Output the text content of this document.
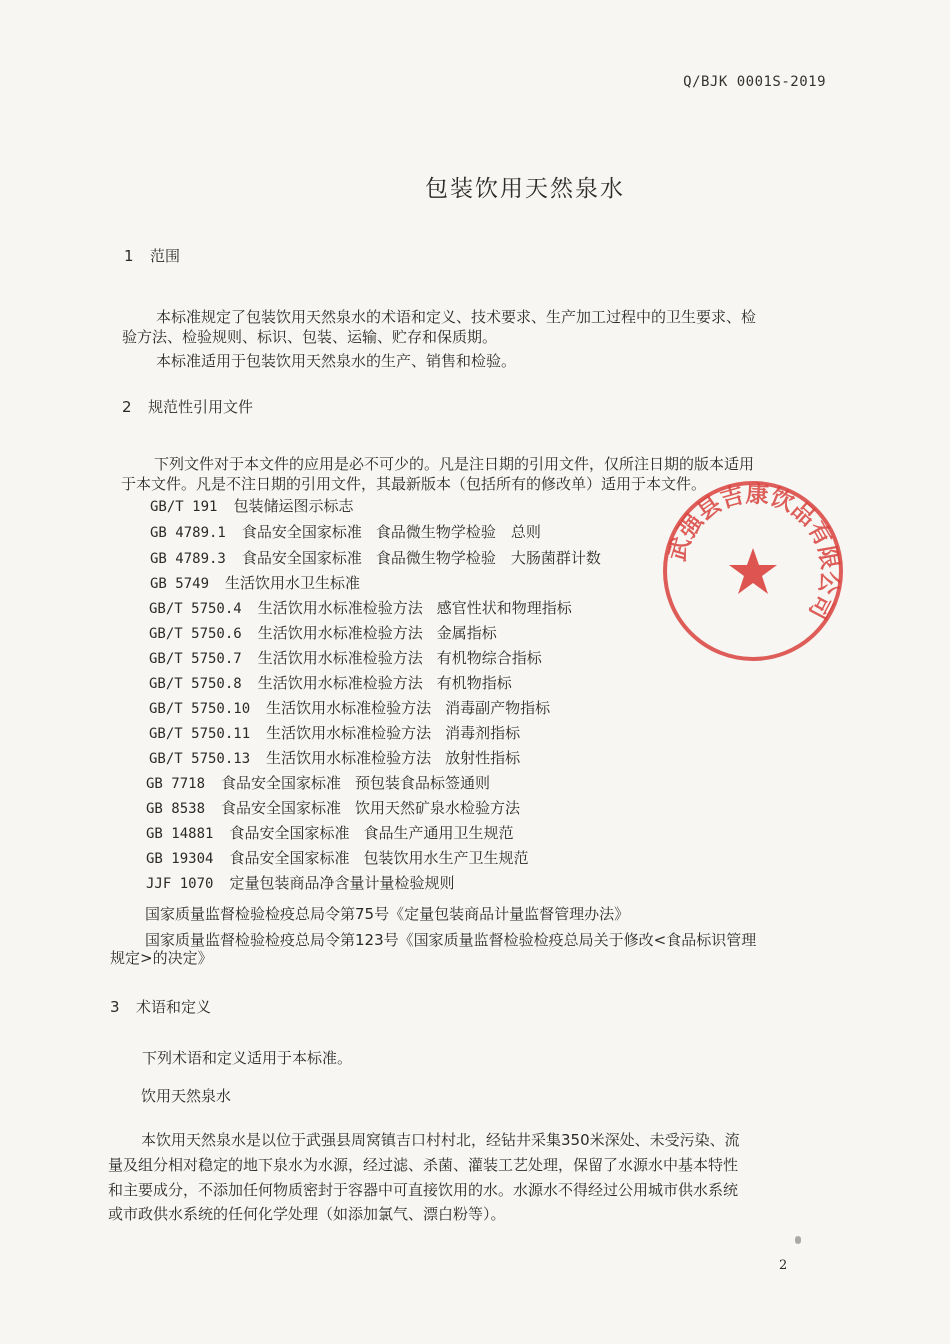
Q/BJK 0001S-2019
包装饮用天然泉水
1 范围
本标准规定了包装饮用天然泉水的术语和定义、技术要求、生产加工过程中的卫生要求、检
验方法、检验规则、标识、包装、运输、贮存和保质期。
本标准适用于包装饮用天然泉水的生产、销售和检验。
2 规范性引用文件
下列文件对于本文件的应用是必不可少的。凡是注日期的引用文件，仅所注日期的版本适用
于本文件。凡是不注日期的引用文件，其最新版本（包括所有的修改单）适用于本文件。
GB/T 191 包装储运图示标志
GB 4789.1 食品安全国家标准 食品微生物学检验　总则
GB 4789.3 食品安全国家标准 食品微生物学检验　大肠菌群计数
GB 5749 生活饮用水卫生标准
GB/T 5750.4 生活饮用水标准检验方法 感官性状和物理指标
GB/T 5750.6 生活饮用水标准检验方法 金属指标
GB/T 5750.7 生活饮用水标准检验方法 有机物综合指标
GB/T 5750.8 生活饮用水标准检验方法 有机物指标
GB/T 5750.10 生活饮用水标准检验方法 消毒副产物指标
GB/T 5750.11 生活饮用水标准检验方法 消毒剂指标
GB/T 5750.13 生活饮用水标准检验方法 放射性指标
GB 7718 食品安全国家标准 预包装食品标签通则
GB 8538 食品安全国家标准 饮用天然矿泉水检验方法
GB 14881 食品安全国家标准 食品生产通用卫生规范
GB 19304 食品安全国家标准 包装饮用水生产卫生规范
JJF 1070 定量包装商品净含量计量检验规则
国家质量监督检验检疫总局令第75号《定量包装商品计量监督管理办法》
国家质量监督检验检疫总局令第123号《国家质量监督检验检疫总局关于修改<食品标识管理
规定>的决定》
3 术语和定义
下列术语和定义适用于本标准。
饮用天然泉水
本饮用天然泉水是以位于武强县周窝镇吉口村村北，经钻井采集350米深处、未受污染、流
量及组分相对稳定的地下泉水为水源，经过滤、杀菌、灌装工艺处理，保留了水源水中基本特性
和主要成分，不添加任何物质密封于容器中可直接饮用的水。水源水不得经过公用城市供水系统
或市政供水系统的任何化学处理（如添加氯气、漂白粉等）。
武强县吉康饮品有限公司
2
